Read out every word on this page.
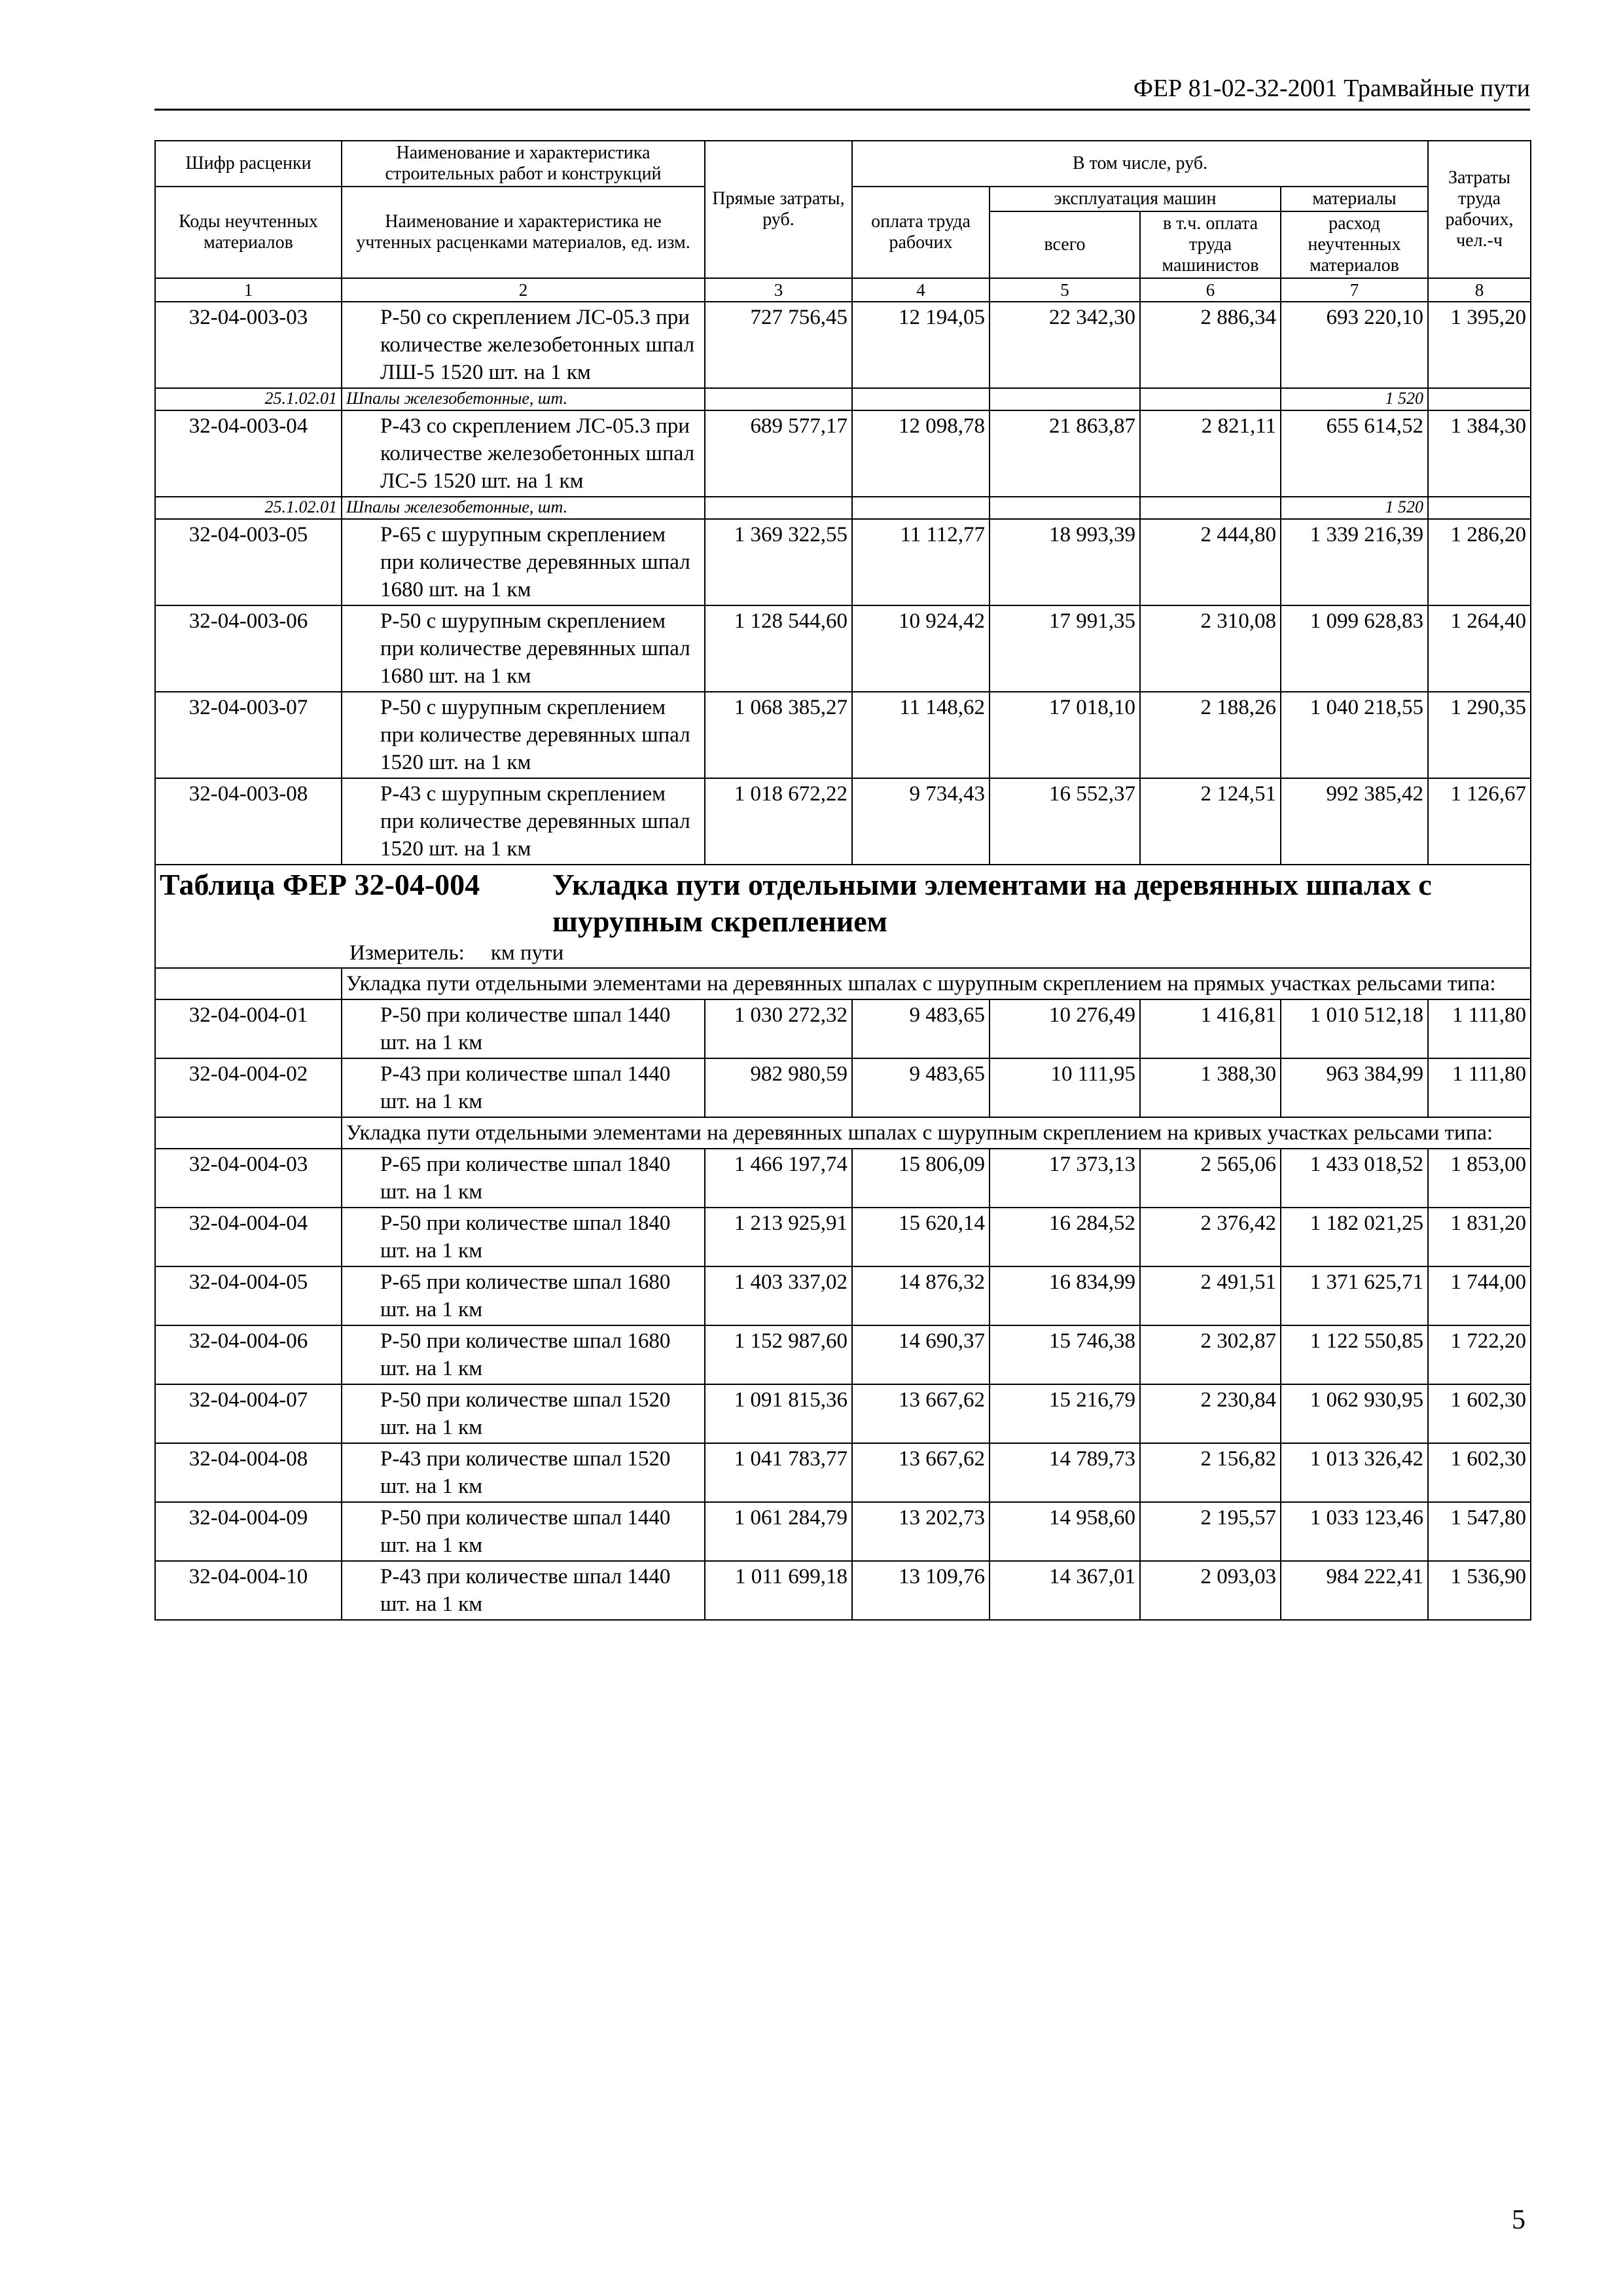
ФЕР 81-02-32-2001 Трамвайные пути
Шифр расценки	Наименование и характеристика строительных работ и конструкций	Прямые затраты, руб.	В том числе, руб.				Затраты труда рабочих, чел.-ч
Коды неучтенных материалов	Наименование и характеристика не учтенных расценками материалов, ед. изм.		оплата труда рабочих	эксплуатация машин		материалы	
				всего	в т.ч. оплата труда машинистов	расход неучтенных материалов	
1	2	3	4	5	6	7	8
32-04-003-03	Р-50 со скреплением ЛС-05.3 при количестве железобетонных шпал ЛШ-5 1520 шт. на 1 км	727 756,45	12 194,05	22 342,30	2 886,34	693 220,10	1 395,20
25.1.02.01	Шпалы железобетонные, шт.					1 520	
32-04-003-04	Р-43 со скреплением ЛС-05.3 при количестве железобетонных шпал ЛС-5 1520 шт. на 1 км	689 577,17	12 098,78	21 863,87	2 821,11	655 614,52	1 384,30
25.1.02.01	Шпалы железобетонные, шт.					1 520	
32-04-003-05	Р-65 с шурупным скреплением при количестве деревянных шпал 1680 шт. на 1 км	1 369 322,55	11 112,77	18 993,39	2 444,80	1 339 216,39	1 286,20
32-04-003-06	Р-50 с шурупным скреплением при количестве деревянных шпал 1680 шт. на 1 км	1 128 544,60	10 924,42	17 991,35	2 310,08	1 099 628,83	1 264,40
32-04-003-07	Р-50 с шурупным скреплением при количестве деревянных шпал 1520 шт. на 1 км	1 068 385,27	11 148,62	17 018,10	2 188,26	1 040 218,55	1 290,35
32-04-003-08	Р-43 с шурупным скреплением при количестве деревянных шпал 1520 шт. на 1 км	1 018 672,22	9 734,43	16 552,37	2 124,51	992 385,42	1 126,67

Таблица ФЕР 32-04-004 Укладка пути отдельными элементами на деревянных шпалах с шурупным скреплением
Измеритель: км пути							

	Укладка пути отдельными элементами на деревянных шпалах с шурупным скреплением на прямых участках рельсами типа:						
32-04-004-01	Р-50 при количестве шпал 1440 шт. на 1 км	1 030 272,32	9 483,65	10 276,49	1 416,81	1 010 512,18	1 111,80
32-04-004-02	Р-43 при количестве шпал 1440 шт. на 1 км	982 980,59	9 483,65	10 111,95	1 388,30	963 384,99	1 111,80
	Укладка пути отдельными элементами на деревянных шпалах с шурупным скреплением на кривых участках рельсами типа:						
32-04-004-03	Р-65 при количестве шпал 1840 шт. на 1 км	1 466 197,74	15 806,09	17 373,13	2 565,06	1 433 018,52	1 853,00
32-04-004-04	Р-50 при количестве шпал 1840 шт. на 1 км	1 213 925,91	15 620,14	16 284,52	2 376,42	1 182 021,25	1 831,20
32-04-004-05	Р-65 при количестве шпал 1680 шт. на 1 км	1 403 337,02	14 876,32	16 834,99	2 491,51	1 371 625,71	1 744,00
32-04-004-06	Р-50 при количестве шпал 1680 шт. на 1 км	1 152 987,60	14 690,37	15 746,38	2 302,87	1 122 550,85	1 722,20
32-04-004-07	Р-50 при количестве шпал 1520 шт. на 1 км	1 091 815,36	13 667,62	15 216,79	2 230,84	1 062 930,95	1 602,30
32-04-004-08	Р-43 при количестве шпал 1520 шт. на 1 км	1 041 783,77	13 667,62	14 789,73	2 156,82	1 013 326,42	1 602,30
32-04-004-09	Р-50 при количестве шпал 1440 шт. на 1 км	1 061 284,79	13 202,73	14 958,60	2 195,57	1 033 123,46	1 547,80
32-04-004-10	Р-43 при количестве шпал 1440 шт. на 1 км	1 011 699,18	13 109,76	14 367,01	2 093,03	984 222,41	1 536,90
5
